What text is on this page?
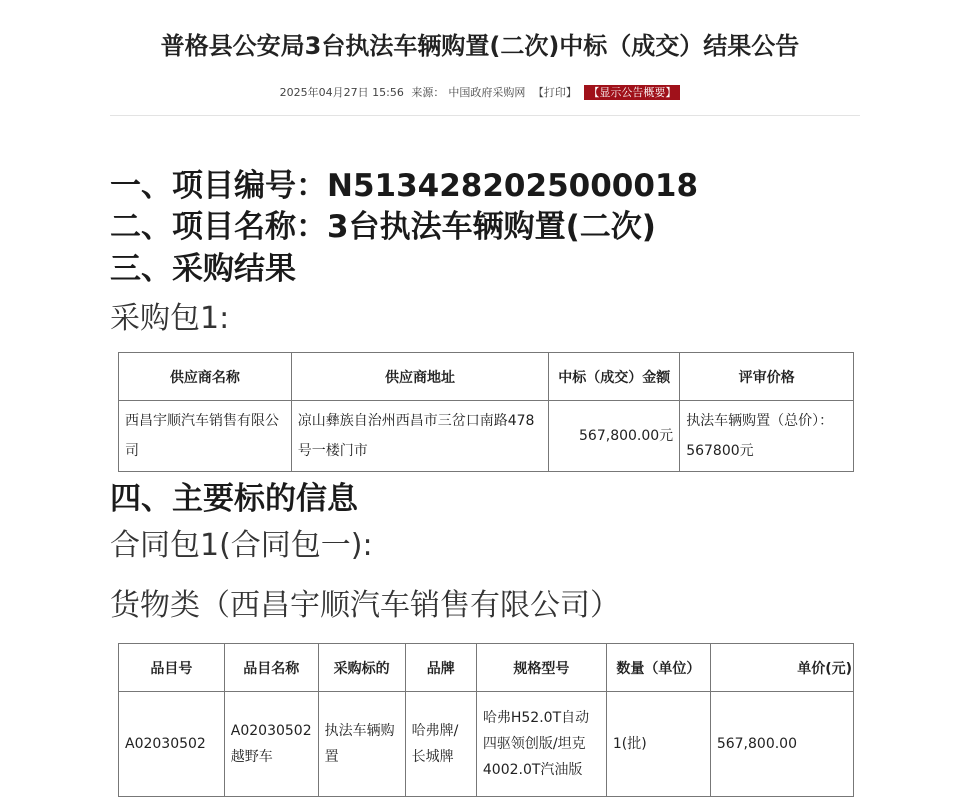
普格县公安局3台执法车辆购置(二次)中标（成交）结果公告
2025年04月27日 15:56 来源： 中国政府采购网 【打印】 【显示公告概要】
一、项目编号：N5134282025000018
二、项目名称：3台执法车辆购置(二次)
三、采购结果
采购包1:
供应商名称	供应商地址	中标（成交）金额	评审价格
西昌宇顺汽车销售有限公司	凉山彝族自治州西昌市三岔口南路478号一楼门市	567,800.00元	执法车辆购置（总价）： 567800元
四、主要标的信息
合同包1(合同包一):
货物类（西昌宇顺汽车销售有限公司）
品目号	品目名称	采购标的	品牌	规格型号	数量（单位）	单价(元)
A02030502	A02030502越野车	执法车辆购置	哈弗牌/长城牌	哈弗H52.0T自动四驱领创版/坦克4002.0T汽油版	1(批)	567,800.00
